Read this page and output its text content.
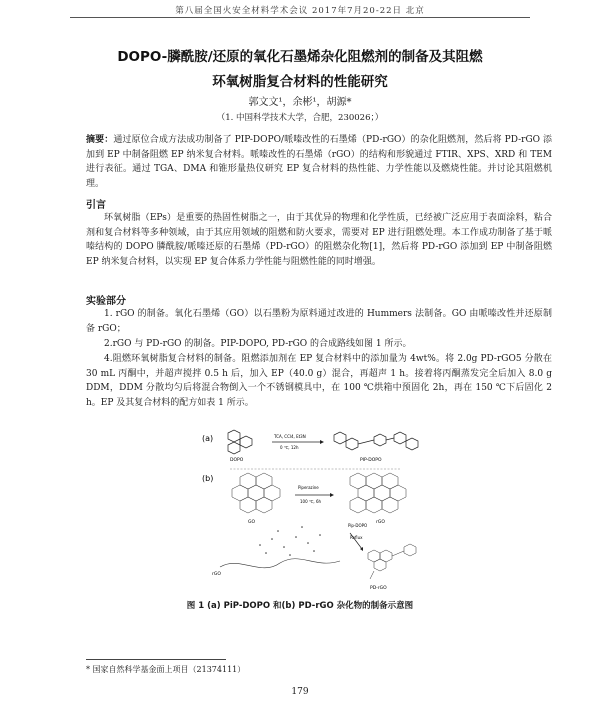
第八届全国火安全材料学术会议 2017年7月20-22日 北京
DOPO-膦酰胺/还原的氧化石墨烯杂化阻燃剂的制备及其阻燃
环氧树脂复合材料的性能研究
郭文文¹，余彬¹，胡源*
（1. 中国科学技术大学，合肥，230026；）

摘要：通过原位合成方法成功制备了 PIP-DOPO/哌嗪改性的石墨烯（PD-rGO）的杂化阻燃剂，然后将 PD-rGO 添加到 EP 中制备阻燃 EP 纳米复合材料。哌嗪改性的石墨烯（rGO）的结构和形貌通过 FTIR、XPS、XRD 和 TEM 进行表征。通过 TGA、DMA 和锥形量热仪研究 EP 复合材料的热性能、力学性能以及燃烧性能。并讨论其阻燃机理。

引言

环氧树脂（EPs）是重要的热固性树脂之一，由于其优异的物理和化学性质，已经被广泛应用于表面涂料，粘合剂和复合材料等多种领域，由于其应用领域的阻燃和防火要求，需要对 EP 进行阻燃处理。本工作成功制备了基于哌嗪结构的 DOPO 膦酰胺/哌嗪还原的石墨烯（PD-rGO）的阻燃杂化物[1]，然后将 PD-rGO 添加到 EP 中制备阻燃 EP 纳米复合材料，以实现 EP 复合体系力学性能与阻燃性能的同时增强。

实验部分

1. rGO 的制备。氧化石墨烯（GO）以石墨粉为原料通过改进的 Hummers 法制备。GO 由哌嗪改性并还原制备 rGO；

2.rGO 与 PD-rGO 的制备。PIP-DOPO, PD-rGO 的合成路线如图 1 所示。

4.阻燃环氧树脂复合材料的制备。阻燃添加剂在 EP 复合材料中的添加量为 4wt%。将 2.0g PD-rGO5 分散在 30 mL 丙酮中，并超声搅拌 0.5 h 后，加入 EP（40.0 g）混合，再超声 1 h。接着将丙酮蒸发完全后加入 8.0 g DDM，DDM 分散均匀后将混合物倒入一个不锈钢模具中，在 100 ℃烘箱中预固化 2h，再在 150 ℃下后固化 2 h。EP 及其复合材料的配方如表 1 所示。

(a)
DOPO
TCA, CCl4, Et3N
0 ℃, 12h
PIP-DOPO
(b)
GO
Piperazine
100 ℃, 6h
rGO
rGO
Pip-DOPO
Reflux
PD-rGO
图 1 (a) PiP-DOPO 和(b) PD-rGO 杂化物的制备示意图
* 国家自然科学基金面上项目（21374111）
179
